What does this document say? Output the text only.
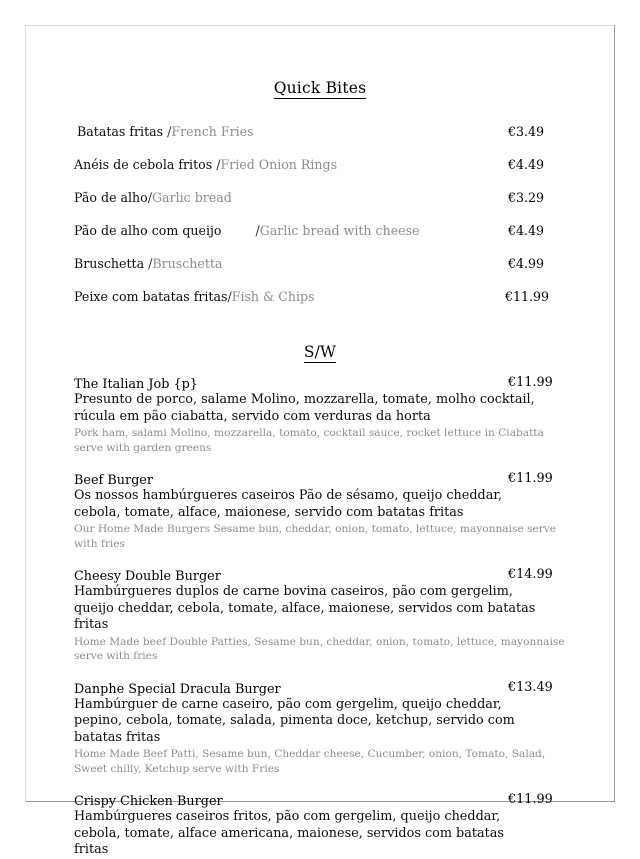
Quick Bites
Batatas fritas /French Fries	€3.49
Anéis de cebola fritos /Fried Onion Rings	€4.49
Pão de alho/Garlic bread	€3.29
Pão de alho com queijo	/Garlic bread with cheese	€4.49
Bruschetta /Bruschetta	€4.99
Peixe com batatas fritas/Fish & Chips	€11.99
S/W
The Italian Job {p}	€11.99
Presunto de porco, salame Molino, mozzarella, tomate, molho cocktail, rúcula em pão ciabatta, servido com verduras da horta
Pork ham, salami Molino, mozzarella, tomato, cocktail sauce, rocket lettuce in Ciabatta serve with garden greens
Beef Burger	€11.99
Os nossos hambúrgueres caseiros Pão de sésamo, queijo cheddar, cebola, tomate, alface, maionese, servido com batatas fritas
Our Home Made Burgers Sesame bun, cheddar, onion, tomato, lettuce, mayonnaise serve with fries
Cheesy Double Burger	€14.99
Hambúrgueres duplos de carne bovina caseiros, pão com gergelim, queijo cheddar, cebola, tomate, alface, maionese, servidos com batatas fritas
Home Made beef Double Patties, Sesame bun, cheddar, onion, tomato, lettuce, mayonnaise serve with fries
Danphe Special Dracula Burger	€13.49
Hambúrguer de carne caseiro, pão com gergelim, queijo cheddar, pepino, cebola, tomate, salada, pimenta doce, ketchup, servido com batatas fritas
Home Made Beef Patti, Sesame bun, Cheddar cheese, Cucumber, onion, Tomato, Salad, Sweet chilly, Ketchup serve with Fries
Crispy Chicken Burger	€11.99
Hambúrgueres caseiros fritos, pão com gergelim, queijo cheddar, cebola, tomate, alface americana, maionese, servidos com batatas fritas
